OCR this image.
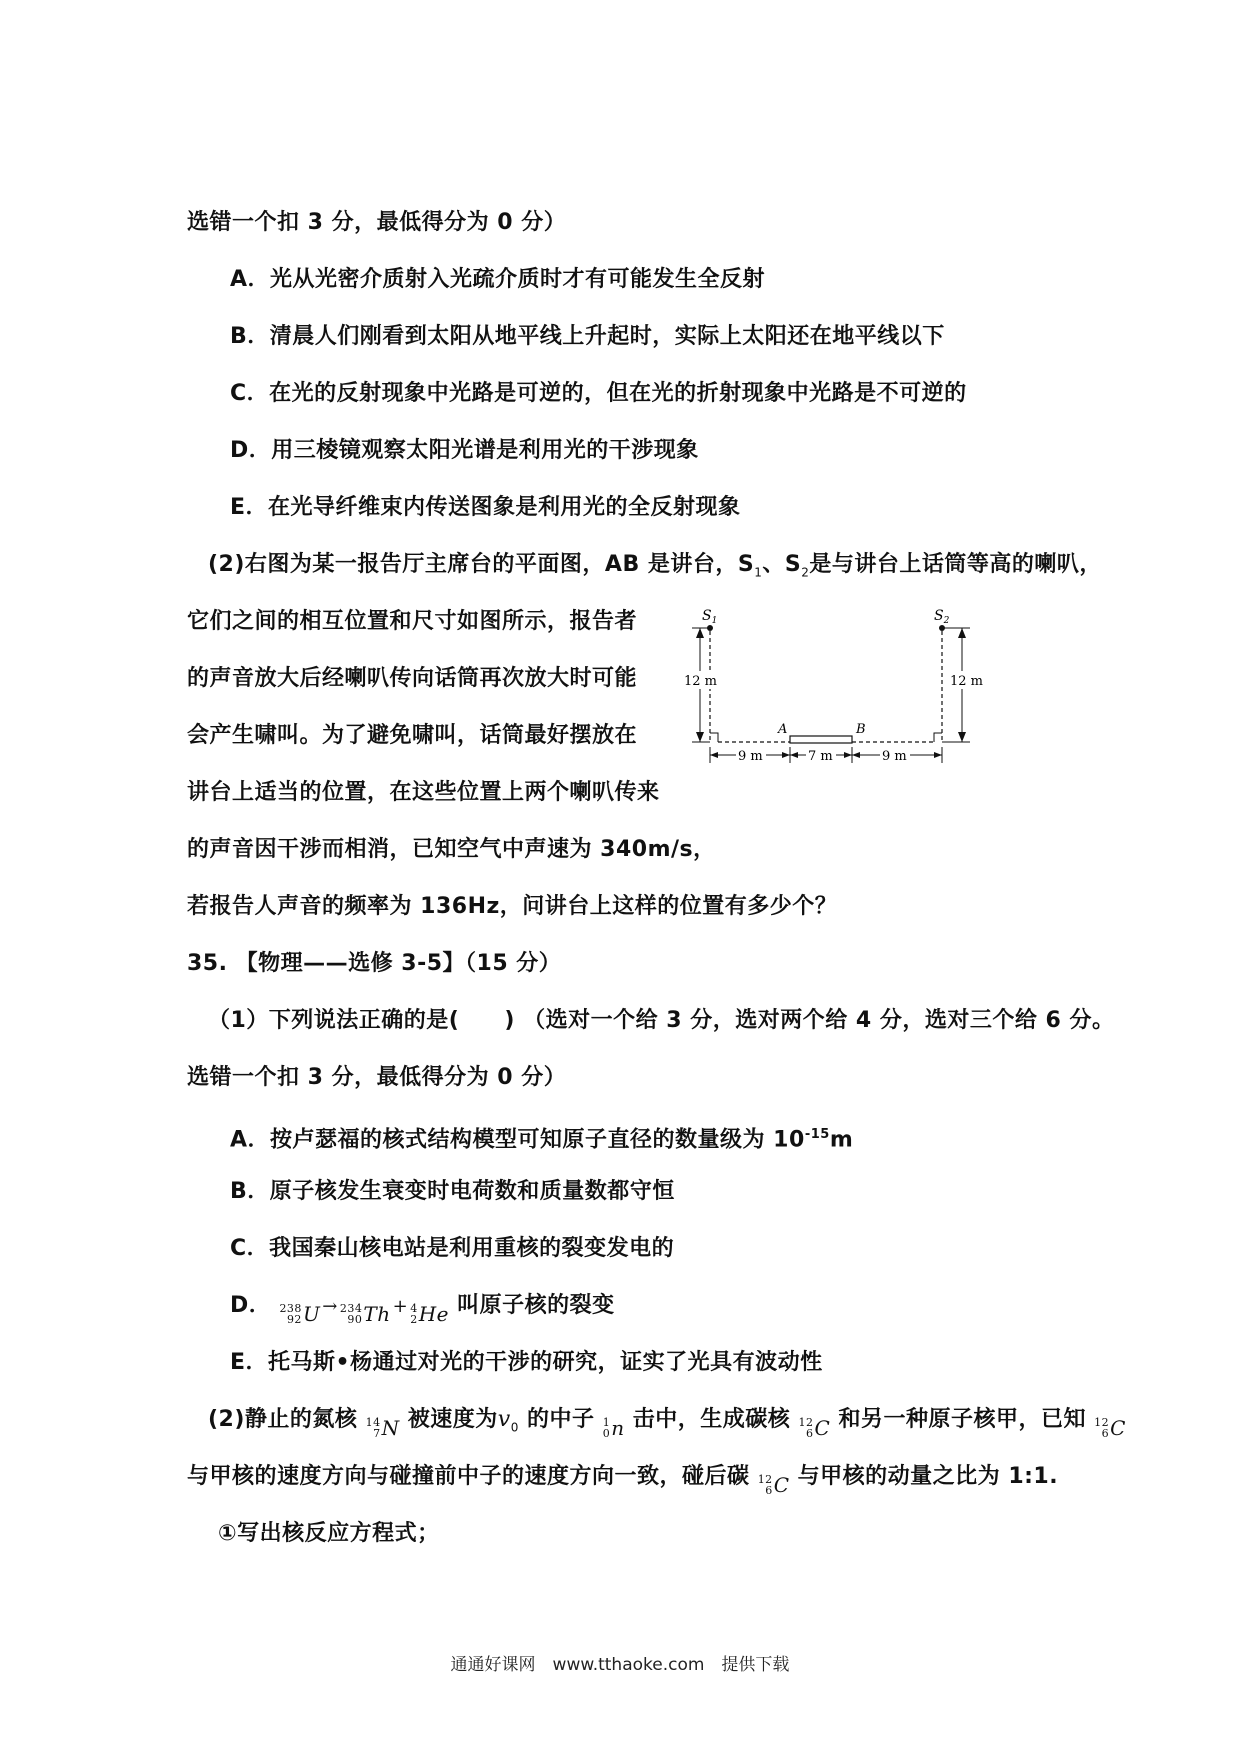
选错一个扣 3 分，最低得分为 0 分）
A．光从光密介质射入光疏介质时才有可能发生全反射
B．清晨人们刚看到太阳从地平线上升起时，实际上太阳还在地平线以下
C．在光的反射现象中光路是可逆的，但在光的折射现象中光路是不可逆的
D．用三棱镜观察太阳光谱是利用光的干涉现象
E．在光导纤维束内传送图象是利用光的全反射现象
(2)右图为某一报告厅主席台的平面图，AB 是讲台，$S_1$、$S_2$是与讲台上话筒等高的喇叭，
它们之间的相互位置和尺寸如图所示，报告者
的声音放大后经喇叭传向话筒再次放大时可能
会产生啸叫。为了避免啸叫，话筒最好摆放在
讲台上适当的位置，在这些位置上两个喇叭传来
的声音因干涉而相消，已知空气中声速为 340m/s，
若报告人声音的频率为 136Hz，问讲台上这样的位置有多少个？
$S_1$
12 m
$S_2$
12 m
A	B
9 m	7 m	9 m
35. 【物理——选修 3-5】（15 分）
（1）下列说法正确的是(　　) （选对一个给 3 分，选对两个给 4 分，选对三个给 6 分。
选错一个扣 3 分，最低得分为 0 分）
A．按卢瑟福的核式结构模型可知原子直径的数量级为 $10^{-15}m$
B．原子核发生衰变时电荷数和质量数都守恒
C．我国秦山核电站是利用重核的裂变发电的
D． 238
92 U → 234
90 Th + 4
2 He 叫原子核的裂变
E．托马斯•杨通过对光的干涉的研究，证实了光具有波动性
(2)静止的氮核 14
7 N 被速度为$v_0$ 的中子 1
0 n 击中，生成碳核 12
6 C 和另一种原子核甲，已知 12
6 C
与甲核的速度方向与碰撞前中子的速度方向一致，碰后碳 12
6 C 与甲核的动量之比为 1:1.
①写出核反应方程式；
通通好课网　www.tthaoke.com　提供下载
